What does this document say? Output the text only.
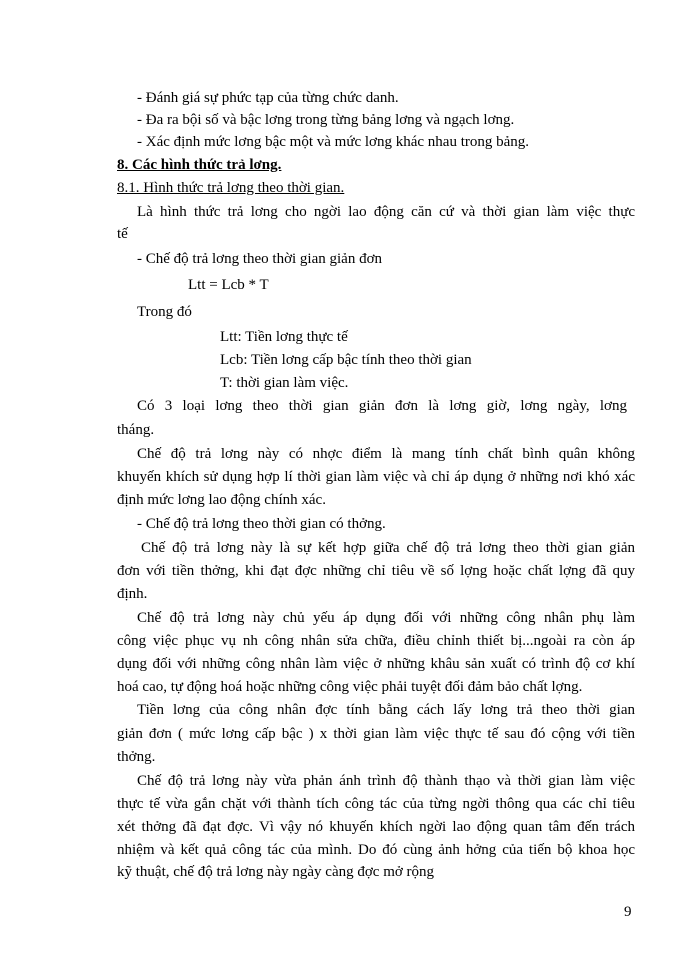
- Đánh giá sự phức tạp của từng chức danh.
- Đa ra bội số và bậc lơng trong từng bảng lơng và ngạch lơng.
- Xác định mức lơng bậc một và mức lơng khác nhau trong bảng.
8. Các hình thức trả lơng.
8.1. Hình thức trả lơng theo thời gian.
Là hình thức trả lơng cho ngời lao động căn cứ và thời gian làm việc thực
tế
- Chế độ trả lơng theo thời gian giản đơn
Ltt = Lcb * T
Trong đó
Ltt: Tiền lơng thực tế
Lcb: Tiền lơng cấp bậc tính theo thời gian
T: thời gian làm việc.
Có 3 loại lơng theo thời gian giản đơn là lơng giờ, lơng ngày, lơng
tháng.
Chế độ trả lơng này có nhợc điểm là mang tính chất bình quân không
khuyến khích sử dụng hợp lí thời gian làm việc và chỉ áp dụng ở những nơi khó xác
định mức lơng lao động chính xác.
- Chế độ trả lơng theo thời gian có thởng.
Chế độ trả lơng này là sự kết hợp giữa chế độ trả lơng theo thời gian giản
đơn với tiền thởng, khi đạt đợc những chỉ tiêu về số lợng hoặc chất lợng đã quy
định.
Chế độ trả lơng này chủ yếu áp dụng đối với những công nhân phụ làm
công việc phục vụ nh công nhân sửa chữa, điều chỉnh thiết bị...ngoài ra còn áp
dụng đối với những công nhân làm việc ở những khâu sản xuất có trình độ cơ khí
hoá cao, tự động hoá hoặc những công việc phải tuyệt đối đảm bảo chất lợng.
Tiền lơng của công nhân đợc tính bằng cách lấy lơng trả theo thời gian
giản đơn ( mức lơng cấp bậc ) x thời gian làm việc thực tế sau đó cộng với tiền
thởng.
Chế độ trả lơng này vừa phản ánh trình độ thành thạo và thời gian làm việc
thực tế vừa gắn chặt với thành tích công tác của từng ngời thông qua các chỉ tiêu
xét thởng đã đạt đợc. Vì vậy nó khuyến khích ngời lao động quan tâm đến trách
nhiệm và kết quả công tác của mình. Do đó cùng ảnh hởng của tiến bộ khoa học
kỹ thuật, chế độ trả lơng này ngày càng đợc mở rộng
9
